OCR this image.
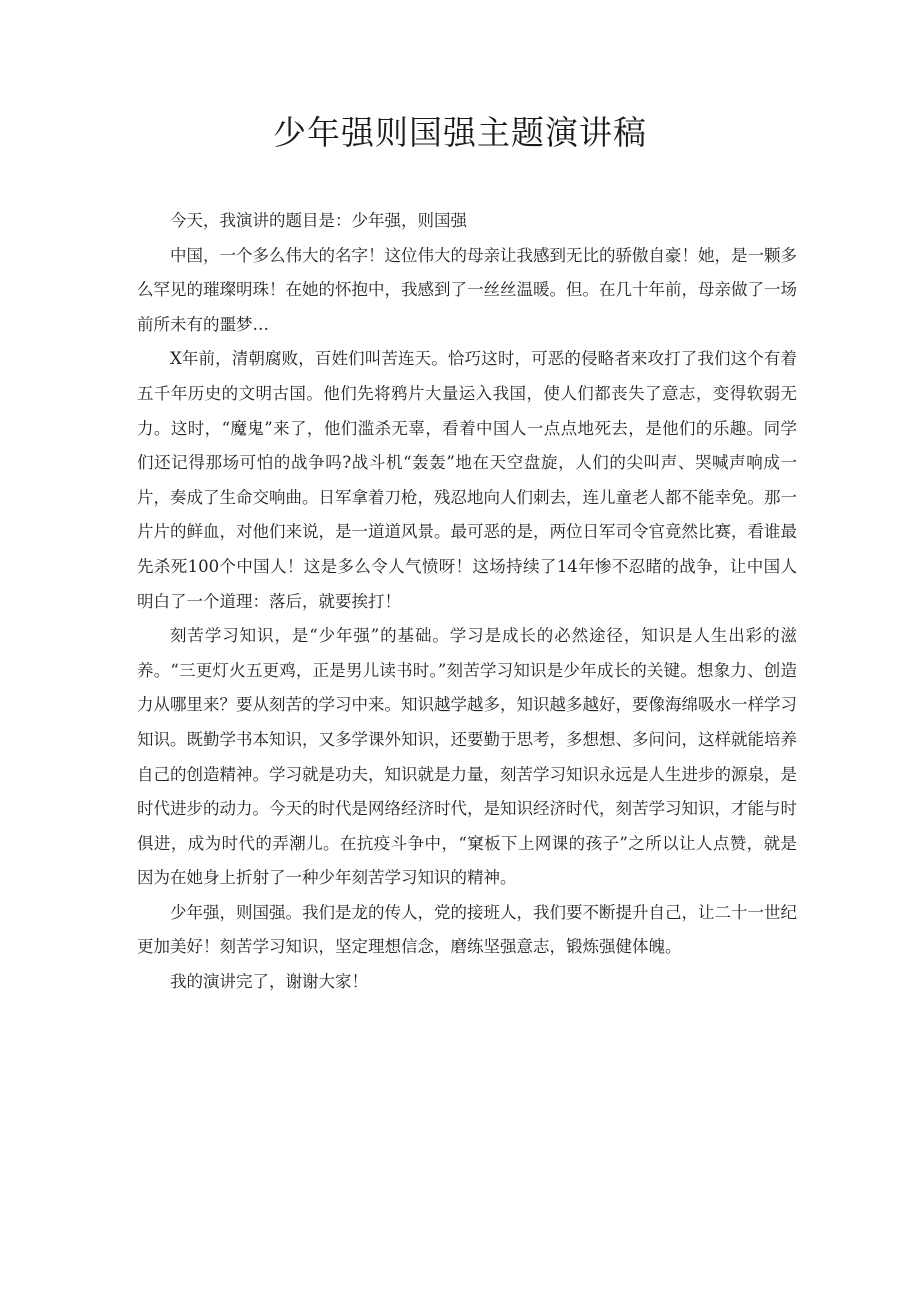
少年强则国强主题演讲稿

今天，我演讲的题目是：少年强，则国强

中国，一个多么伟大的名字！这位伟大的母亲让我感到无比的骄傲自豪！她，是一颗多么罕见的璀璨明珠！在她的怀抱中，我感到了一丝丝温暖。但。在几十年前，母亲做了一场前所未有的噩梦…

X年前，清朝腐败，百姓们叫苦连天。恰巧这时，可恶的侵略者来攻打了我们这个有着五千年历史的文明古国。他们先将鸦片大量运入我国，使人们都丧失了意志，变得软弱无力。这时，“魔鬼”来了，他们滥杀无辜，看着中国人一点点地死去，是他们的乐趣。同学们还记得那场可怕的战争吗?战斗机“轰轰”地在天空盘旋，人们的尖叫声、哭喊声响成一片，奏成了生命交响曲。日军拿着刀枪，残忍地向人们刺去，连儿童老人都不能幸免。那一片片的鲜血，对他们来说，是一道道风景。最可恶的是，两位日军司令官竟然比赛，看谁最先杀死100个中国人！这是多么令人气愤呀！这场持续了14年惨不忍睹的战争，让中国人明白了一个道理：落后，就要挨打！

刻苦学习知识，是“少年强”的基础。学习是成长的必然途径，知识是人生出彩的滋养。“三更灯火五更鸡，正是男儿读书时。”刻苦学习知识是少年成长的关键。想象力、创造力从哪里来？要从刻苦的学习中来。知识越学越多，知识越多越好，要像海绵吸水一样学习知识。既勤学书本知识，又多学课外知识，还要勤于思考，多想想、多问问，这样就能培养自己的创造精神。学习就是功夫，知识就是力量，刻苦学习知识永远是人生进步的源泉，是时代进步的动力。今天的时代是网络经济时代，是知识经济时代，刻苦学习知识，才能与时俱进，成为时代的弄潮儿。在抗疫斗争中，“窠板下上网课的孩子”之所以让人点赞，就是因为在她身上折射了一种少年刻苦学习知识的精神。

少年强，则国强。我们是龙的传人，党的接班人，我们要不断提升自己，让二十一世纪更加美好！刻苦学习知识，坚定理想信念，磨练坚强意志，锻炼强健体魄。

我的演讲完了，谢谢大家！
